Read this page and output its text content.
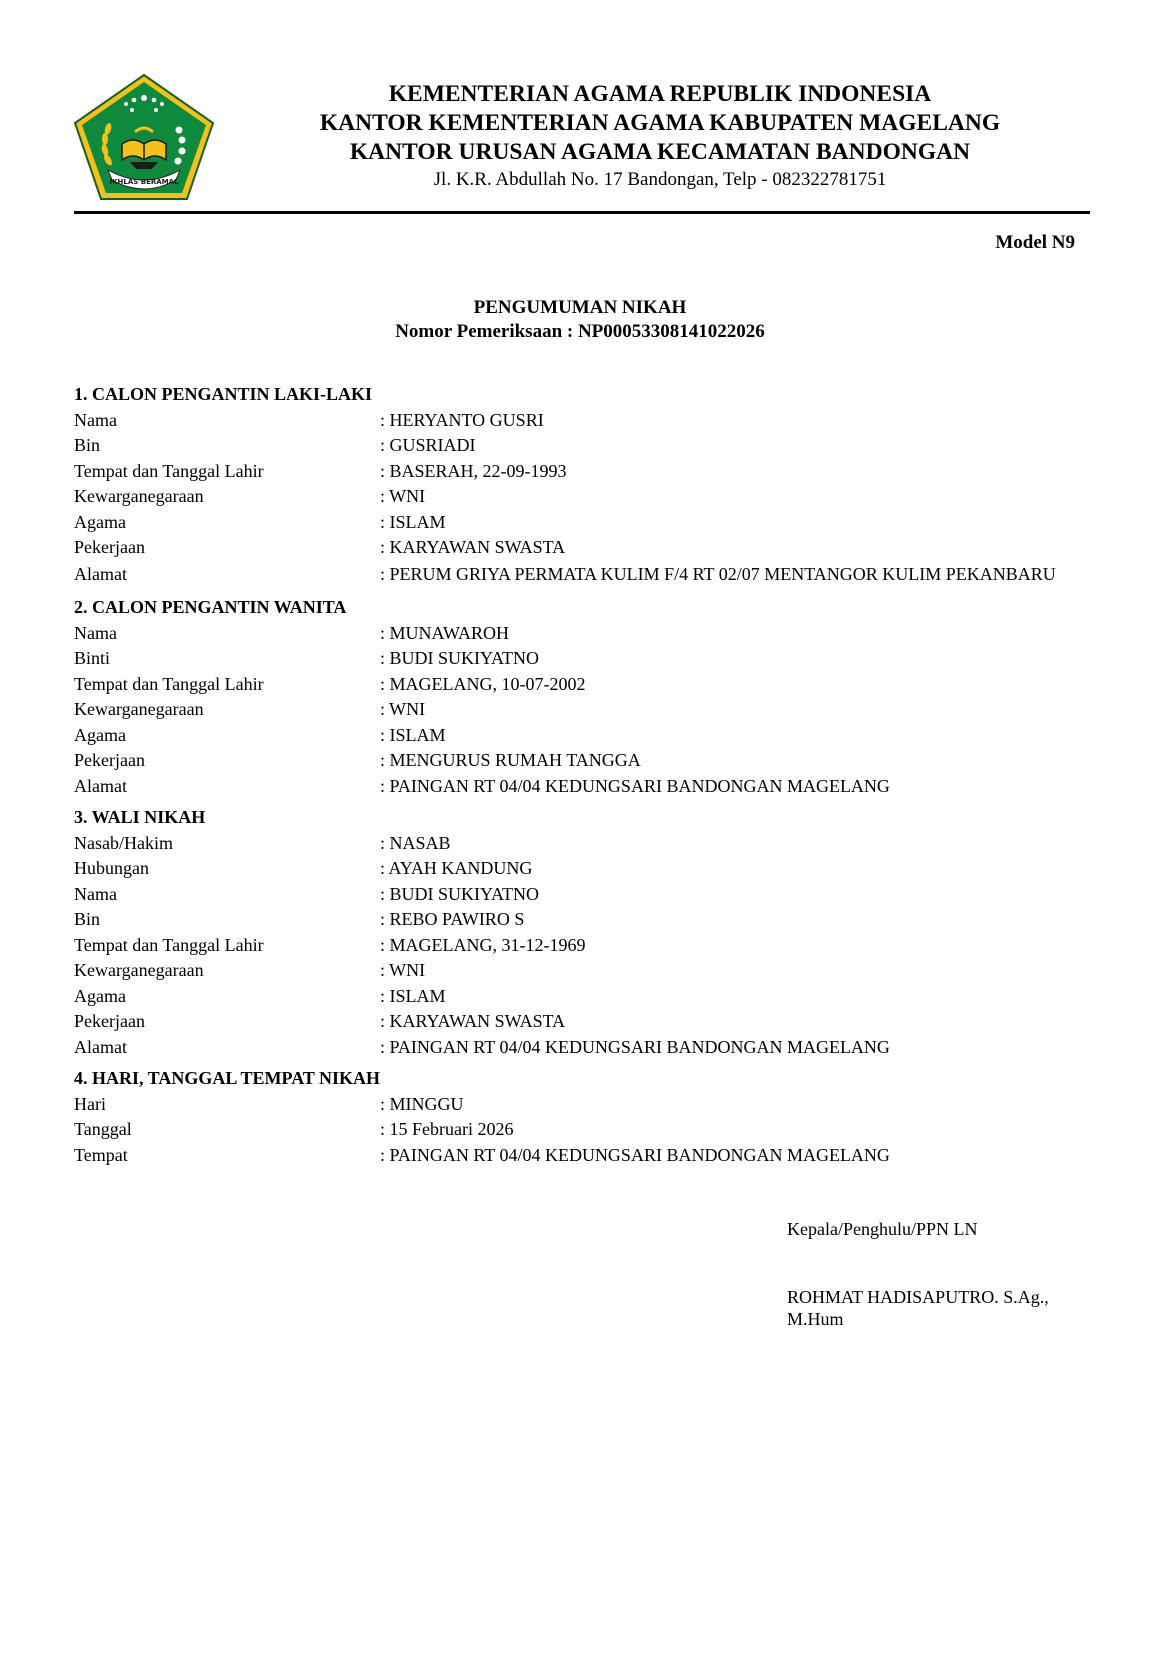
IKHLAS BERAMAL
KEMENTERIAN AGAMA REPUBLIK INDONESIA
KANTOR KEMENTERIAN AGAMA KABUPATEN MAGELANG
KANTOR URUSAN AGAMA KECAMATAN BANDONGAN
Jl. K.R. Abdullah No. 17 Bandongan, Telp - 082322781751
Model N9
PENGUMUMAN NIKAH
Nomor Pemeriksaan : NP00053308141022026
1. CALON PENGANTIN LAKI-LAKI
Nama	: HERYANTO GUSRI
Bin	: GUSRIADI
Tempat dan Tanggal Lahir	: BASERAH, 22-09-1993
Kewarganegaraan	: WNI
Agama	: ISLAM
Pekerjaan	: KARYAWAN SWASTA
Alamat	: PERUM GRIYA PERMATA KULIM F/4 RT 02/07 MENTANGOR KULIM PEKANBARU
2. CALON PENGANTIN WANITA
Nama	: MUNAWAROH
Binti	: BUDI SUKIYATNO
Tempat dan Tanggal Lahir	: MAGELANG, 10-07-2002
Kewarganegaraan	: WNI
Agama	: ISLAM
Pekerjaan	: MENGURUS RUMAH TANGGA
Alamat	: PAINGAN RT 04/04 KEDUNGSARI BANDONGAN MAGELANG
3. WALI NIKAH
Nasab/Hakim	: NASAB
Hubungan	: AYAH KANDUNG
Nama	: BUDI SUKIYATNO
Bin	: REBO PAWIRO S
Tempat dan Tanggal Lahir	: MAGELANG, 31-12-1969
Kewarganegaraan	: WNI
Agama	: ISLAM
Pekerjaan	: KARYAWAN SWASTA
Alamat	: PAINGAN RT 04/04 KEDUNGSARI BANDONGAN MAGELANG
4. HARI, TANGGAL TEMPAT NIKAH
Hari	: MINGGU
Tanggal	: 15 Februari 2026
Tempat	: PAINGAN RT 04/04 KEDUNGSARI BANDONGAN MAGELANG
Kepala/Penghulu/PPN LN
ROHMAT HADISAPUTRO. S.Ag., M.Hum
